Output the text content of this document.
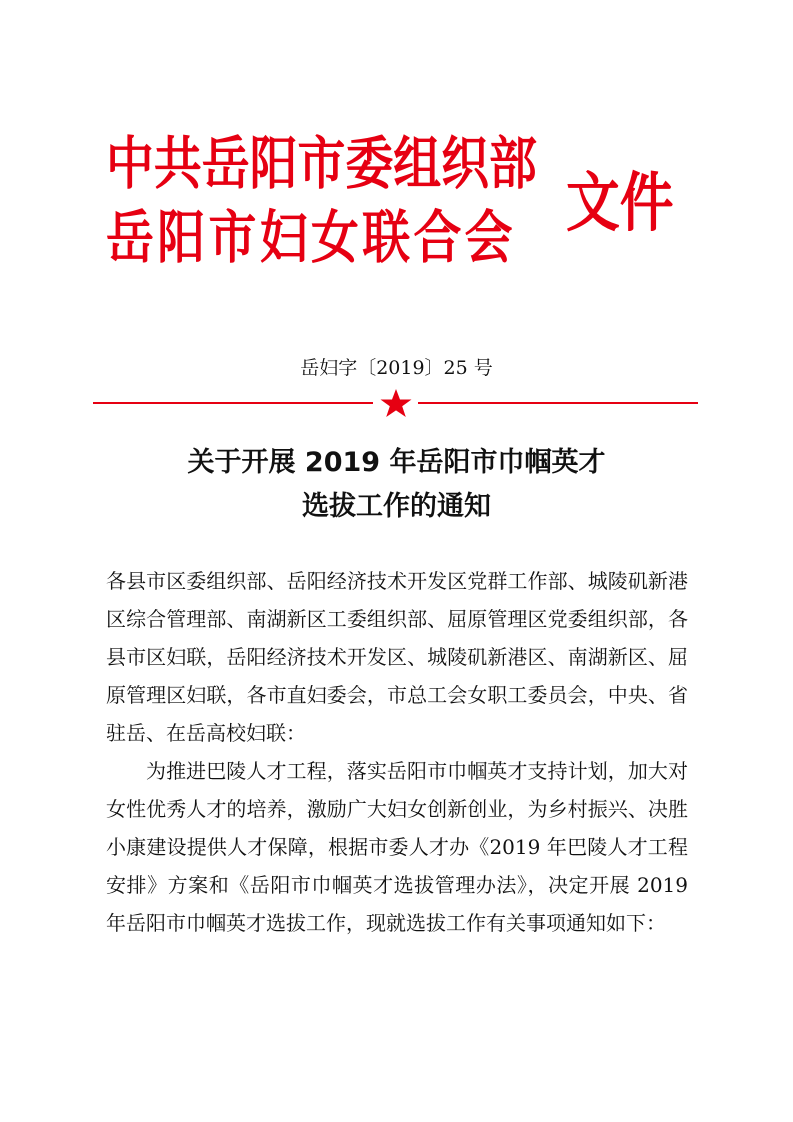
中共岳阳市委组织部
岳阳市妇女联合会 文件
岳妇字〔2019〕25 号
关于开展 2019 年岳阳市巾帼英才
选拔工作的通知

各县市区委组织部、岳阳经济技术开发区党群工作部、城陵矶新港区综合管理部、南湖新区工委组织部、屈原管理区党委组织部，各县市区妇联，岳阳经济技术开发区、城陵矶新港区、南湖新区、屈原管理区妇联，各市直妇委会，市总工会女职工委员会，中央、省驻岳、在岳高校妇联：

为推进巴陵人才工程，落实岳阳市巾帼英才支持计划，加大对女性优秀人才的培养，激励广大妇女创新创业，为乡村振兴、决胜小康建设提供人才保障，根据市委人才办《2019 年巴陵人才工程安排》方案和《岳阳市巾帼英才选拔管理办法》，决定开展 2019 年岳阳市巾帼英才选拔工作，现就选拔工作有关事项通知如下：
